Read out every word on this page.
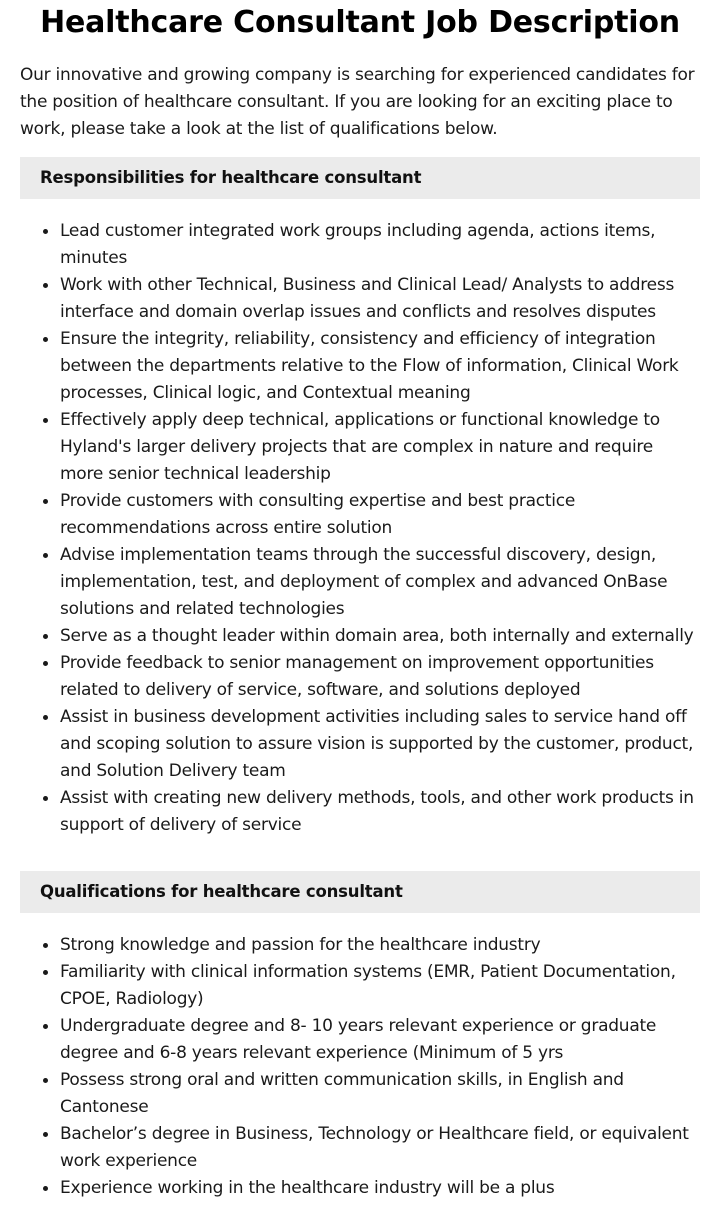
Healthcare Consultant Job Description

Our innovative and growing company is searching for experienced candidates for the position of healthcare consultant. If you are looking for an exciting place to work, please take a look at the list of qualifications below.

Responsibilities for healthcare consultant
Lead customer integrated work groups including agenda, actions items, minutes
Work with other Technical, Business and Clinical Lead/ Analysts to address interface and domain overlap issues and conflicts and resolves disputes
Ensure the integrity, reliability, consistency and efficiency of integration between the departments relative to the Flow of information, Clinical Work processes, Clinical logic, and Contextual meaning
Effectively apply deep technical, applications or functional knowledge to Hyland's larger delivery projects that are complex in nature and require more senior technical leadership
Provide customers with consulting expertise and best practice recommendations across entire solution
Advise implementation teams through the successful discovery, design, implementation, test, and deployment of complex and advanced OnBase solutions and related technologies
Serve as a thought leader within domain area, both internally and externally
Provide feedback to senior management on improvement opportunities related to delivery of service, software, and solutions deployed
Assist in business development activities including sales to service hand off and scoping solution to assure vision is supported by the customer, product, and Solution Delivery team
Assist with creating new delivery methods, tools, and other work products in support of delivery of service
Qualifications for healthcare consultant
Strong knowledge and passion for the healthcare industry
Familiarity with clinical information systems (EMR, Patient Documentation, CPOE, Radiology)
Undergraduate degree and 8- 10 years relevant experience or graduate degree and 6-8 years relevant experience (Minimum of 5 yrs
Possess strong oral and written communication skills, in English and Cantonese
Bachelor’s degree in Business, Technology or Healthcare field, or equivalent work experience
Experience working in the healthcare industry will be a plus
